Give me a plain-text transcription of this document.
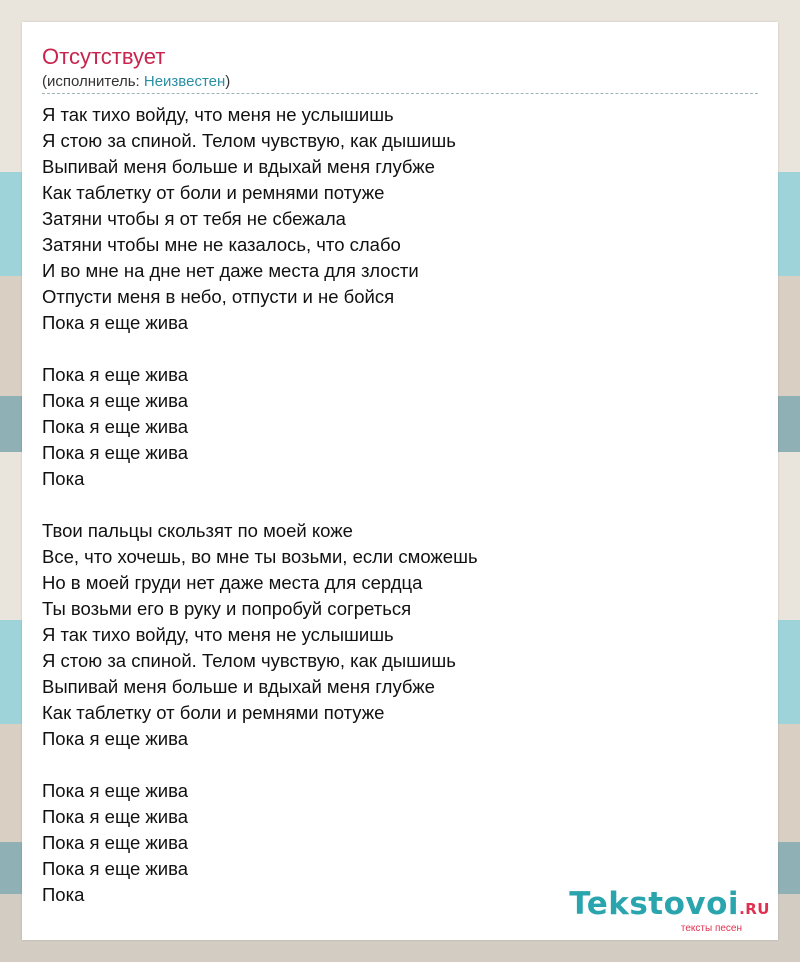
Отсутствует
(исполнитель: Неизвестен)
Я так тихо войду, что меня не услышишь
Я стою за спиной. Телом чувствую, как дышишь
Выпивай меня больше и вдыхай меня глубже
Как таблетку от боли и ремнями потуже
Затяни чтобы я от тебя не сбежала
Затяни чтобы мне не казалось, что слабо
И во мне на дне нет даже места для злости
Отпусти меня в небо, отпусти и не бойся
Пока я еще жива
Пока я еще жива
Пока я еще жива
Пока я еще жива
Пока я еще жива
Пока
Твои пальцы скользят по моей коже
Все, что хочешь, во мне ты возьми, если сможешь
Но в моей груди нет даже места для сердца
Ты возьми его в руку и попробуй согреться
Я так тихо войду, что меня не услышишь
Я стою за спиной. Телом чувствую, как дышишь
Выпивай меня больше и вдыхай меня глубже
Как таблетку от боли и ремнями потуже
Пока я еще жива
Пока я еще жива
Пока я еще жива
Пока я еще жива
Пока я еще жива
Пока	Tekstovoi.RU
тексты песен
